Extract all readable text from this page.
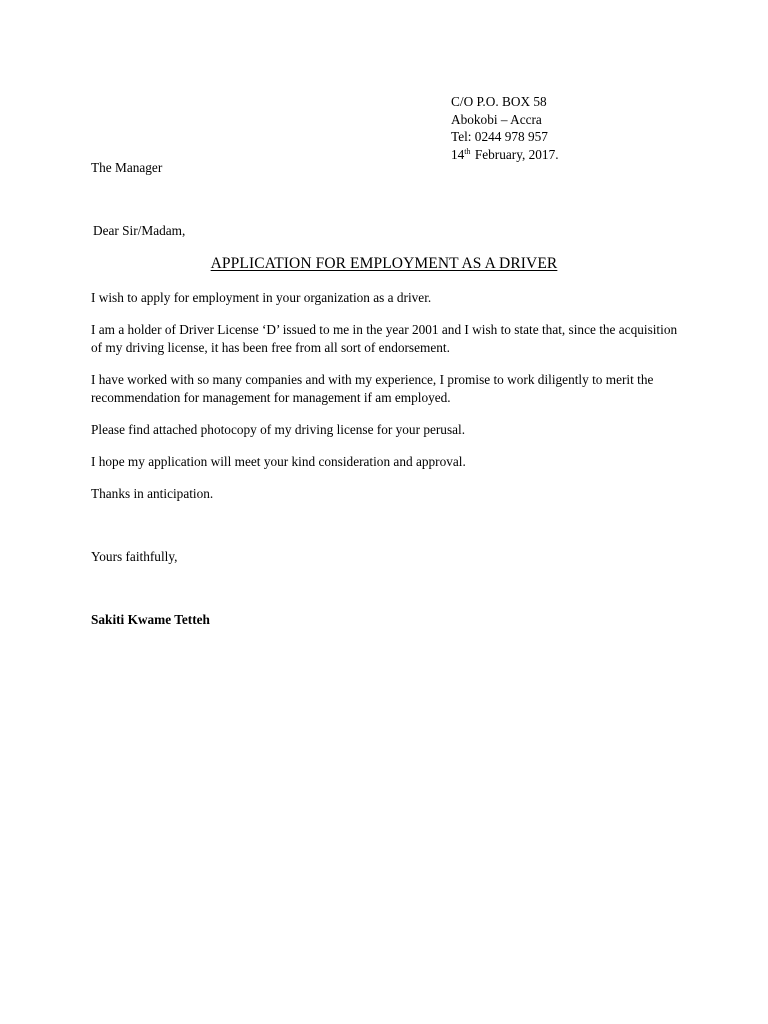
C/O P.O. BOX 58
Abokobi – Accra
Tel: 0244 978 957
14th February, 2017.
The Manager
Dear Sir/Madam,
APPLICATION FOR EMPLOYMENT AS A DRIVER

I wish to apply for employment in your organization as a driver.

I am a holder of Driver License ‘D’ issued to me in the year 2001 and I wish to state that, since the acquisition of my driving license, it has been free from all sort of endorsement.

I have worked with so many companies and with my experience, I promise to work diligently to merit the recommendation for management for management if am employed.

Please find attached photocopy of my driving license for your perusal.

I hope my application will meet your kind consideration and approval.

Thanks in anticipation.

Yours faithfully,
Sakiti Kwame Tetteh
